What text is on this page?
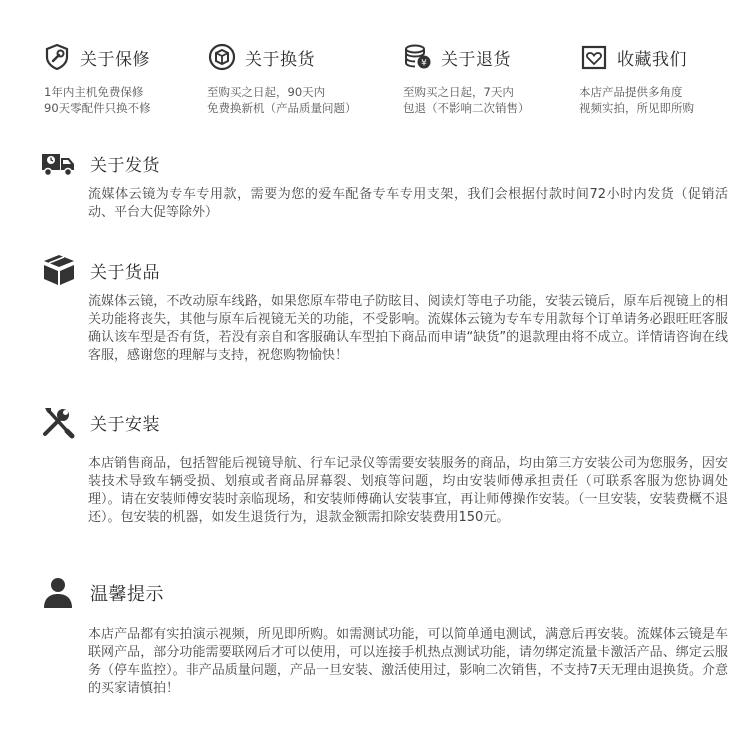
关于保修
1年内主机免费保修
90天零配件只换不修
关于换货
至购买之日起，90天内
免费换新机（产品质量问题）
¥ 关于退货
至购买之日起，7天内
包退（不影响二次销售）
收藏我们
本店产品提供多角度
视频实拍，所见即所购
关于发货
流媒体云镜为专车专用款，需要为您的爱车配备专车专用支架，我们会根据付款时间72小时内发货（促销活动、平台大促等除外）
关于货品
流媒体云镜，不改动原车线路，如果您原车带电子防眩目、阅读灯等电子功能，安装云镜后，原车后视镜上的相关功能将丧失，其他与原车后视镜无关的功能，不受影响。流媒体云镜为专车专用款每个订单请务必跟旺旺客服确认该车型是否有货，若没有亲自和客服确认车型拍下商品而申请“缺货”的退款理由将不成立。详情请咨询在线客服，感谢您的理解与支持，祝您购物愉快！
关于安装
本店销售商品，包括智能后视镜导航、行车记录仪等需要安装服务的商品，均由第三方安装公司为您服务，因安装技术导致车辆受损、划痕或者商品屏幕裂、划痕等问题，均由安装师傅承担责任（可联系客服为您协调处理）。请在安装师傅安装时亲临现场，和安装师傅确认安装事宜，再让师傅操作安装。（一旦安装，安装费概不退还）。包安装的机器，如发生退货行为，退款金额需扣除安装费用150元。
温馨提示
本店产品都有实拍演示视频，所见即所购。如需测试功能，可以简单通电测试，满意后再安装。流媒体云镜是车联网产品，部分功能需要联网后才可以使用，可以连接手机热点测试功能，请勿绑定流量卡激活产品、绑定云服务（停车监控）。非产品质量问题，产品一旦安装、激活使用过，影响二次销售，不支持7天无理由退换货。介意的买家请慎拍！
